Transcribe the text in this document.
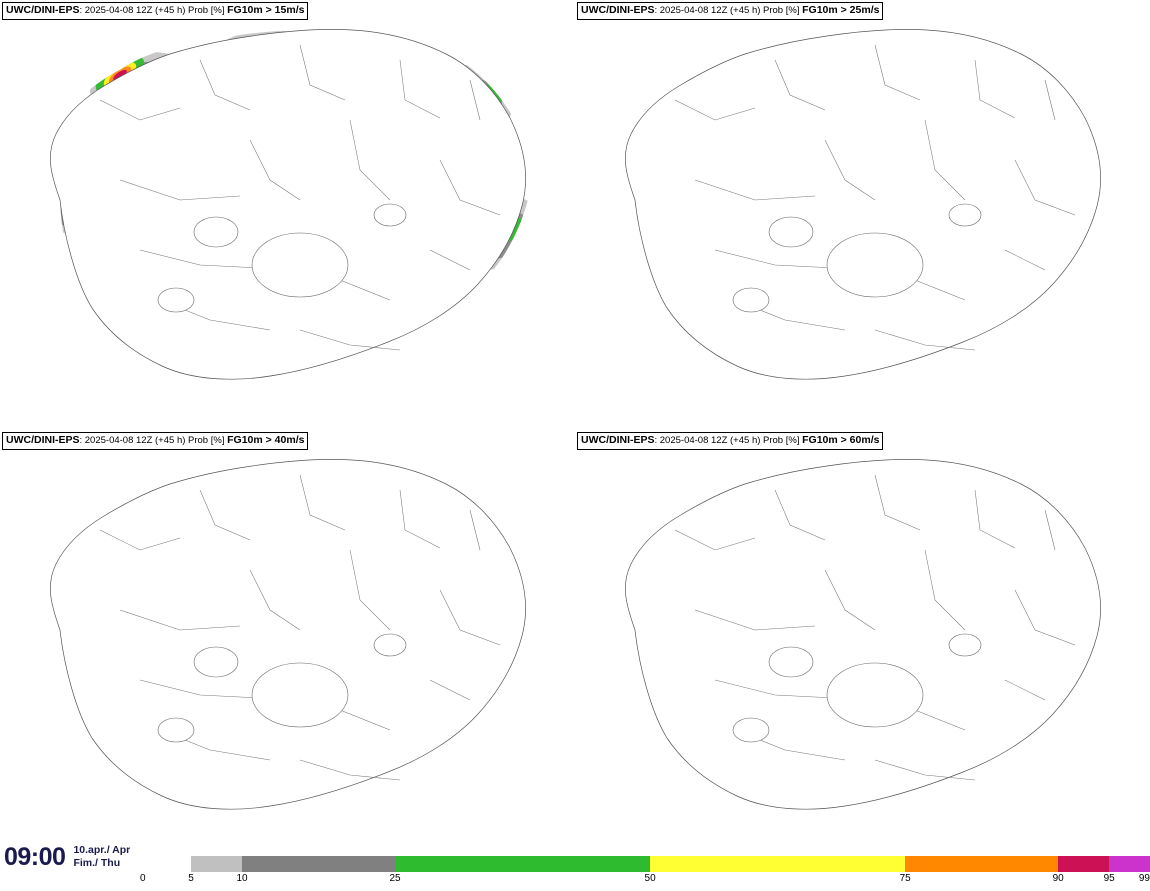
UWC/DINI-EPS: 2025-04-08 12Z (+45 h) Prob [%] FG10m > 15m/s	UWC/DINI-EPS: 2025-04-08 12Z (+45 h) Prob [%] FG10m > 25m/s
UWC/DINI-EPS: 2025-04-08 12Z (+45 h) Prob [%] FG10m > 40m/s	UWC/DINI-EPS: 2025-04-08 12Z (+45 h) Prob [%] FG10m > 60m/s
09:00 10.apr./ Apr
Fim./ Thu
0	5	10	25	50	75	90	95 99
